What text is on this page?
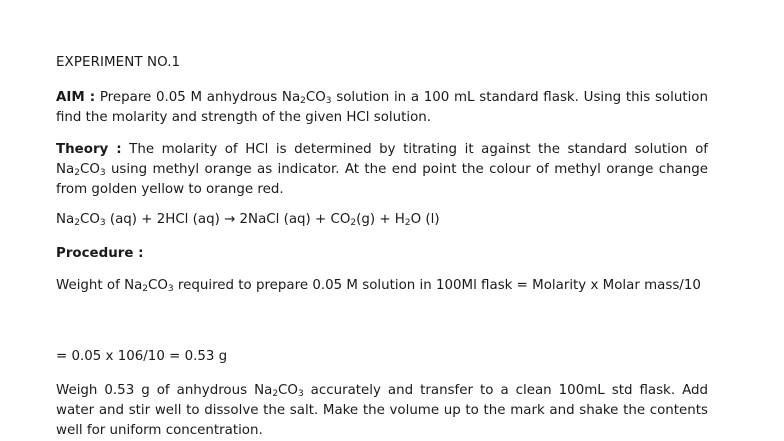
EXPERIMENT NO.1
AIM : Prepare 0.05 M anhydrous $Na_2CO_3$ solution in a 100 mL standard flask. Using this solution find the molarity and strength of the given HCl solution.
Theory : The molarity of HCl is determined by titrating it against the standard solution of $Na_2CO_3$ using methyl orange as indicator. At the end point the colour of methyl orange change from golden yellow to orange red.
$Na_2CO_3$ (aq) + 2HCl (aq) → 2NaCl $(aq) + CO_2(g) + H_2O$ (l)
Procedure :
Weight of $Na_2CO_3$ required to prepare 0.05 M solution in 100Ml flask = Molarity x Molar mass/10
= 0.05 x 106/10 = 0.53 g
Weigh 0.53 g of anhydrous $Na_2CO_3$ accurately and transfer to a clean 100mL std flask. Add water and stir well to dissolve the salt. Make the volume up to the mark and shake the contents well for uniform concentration.
